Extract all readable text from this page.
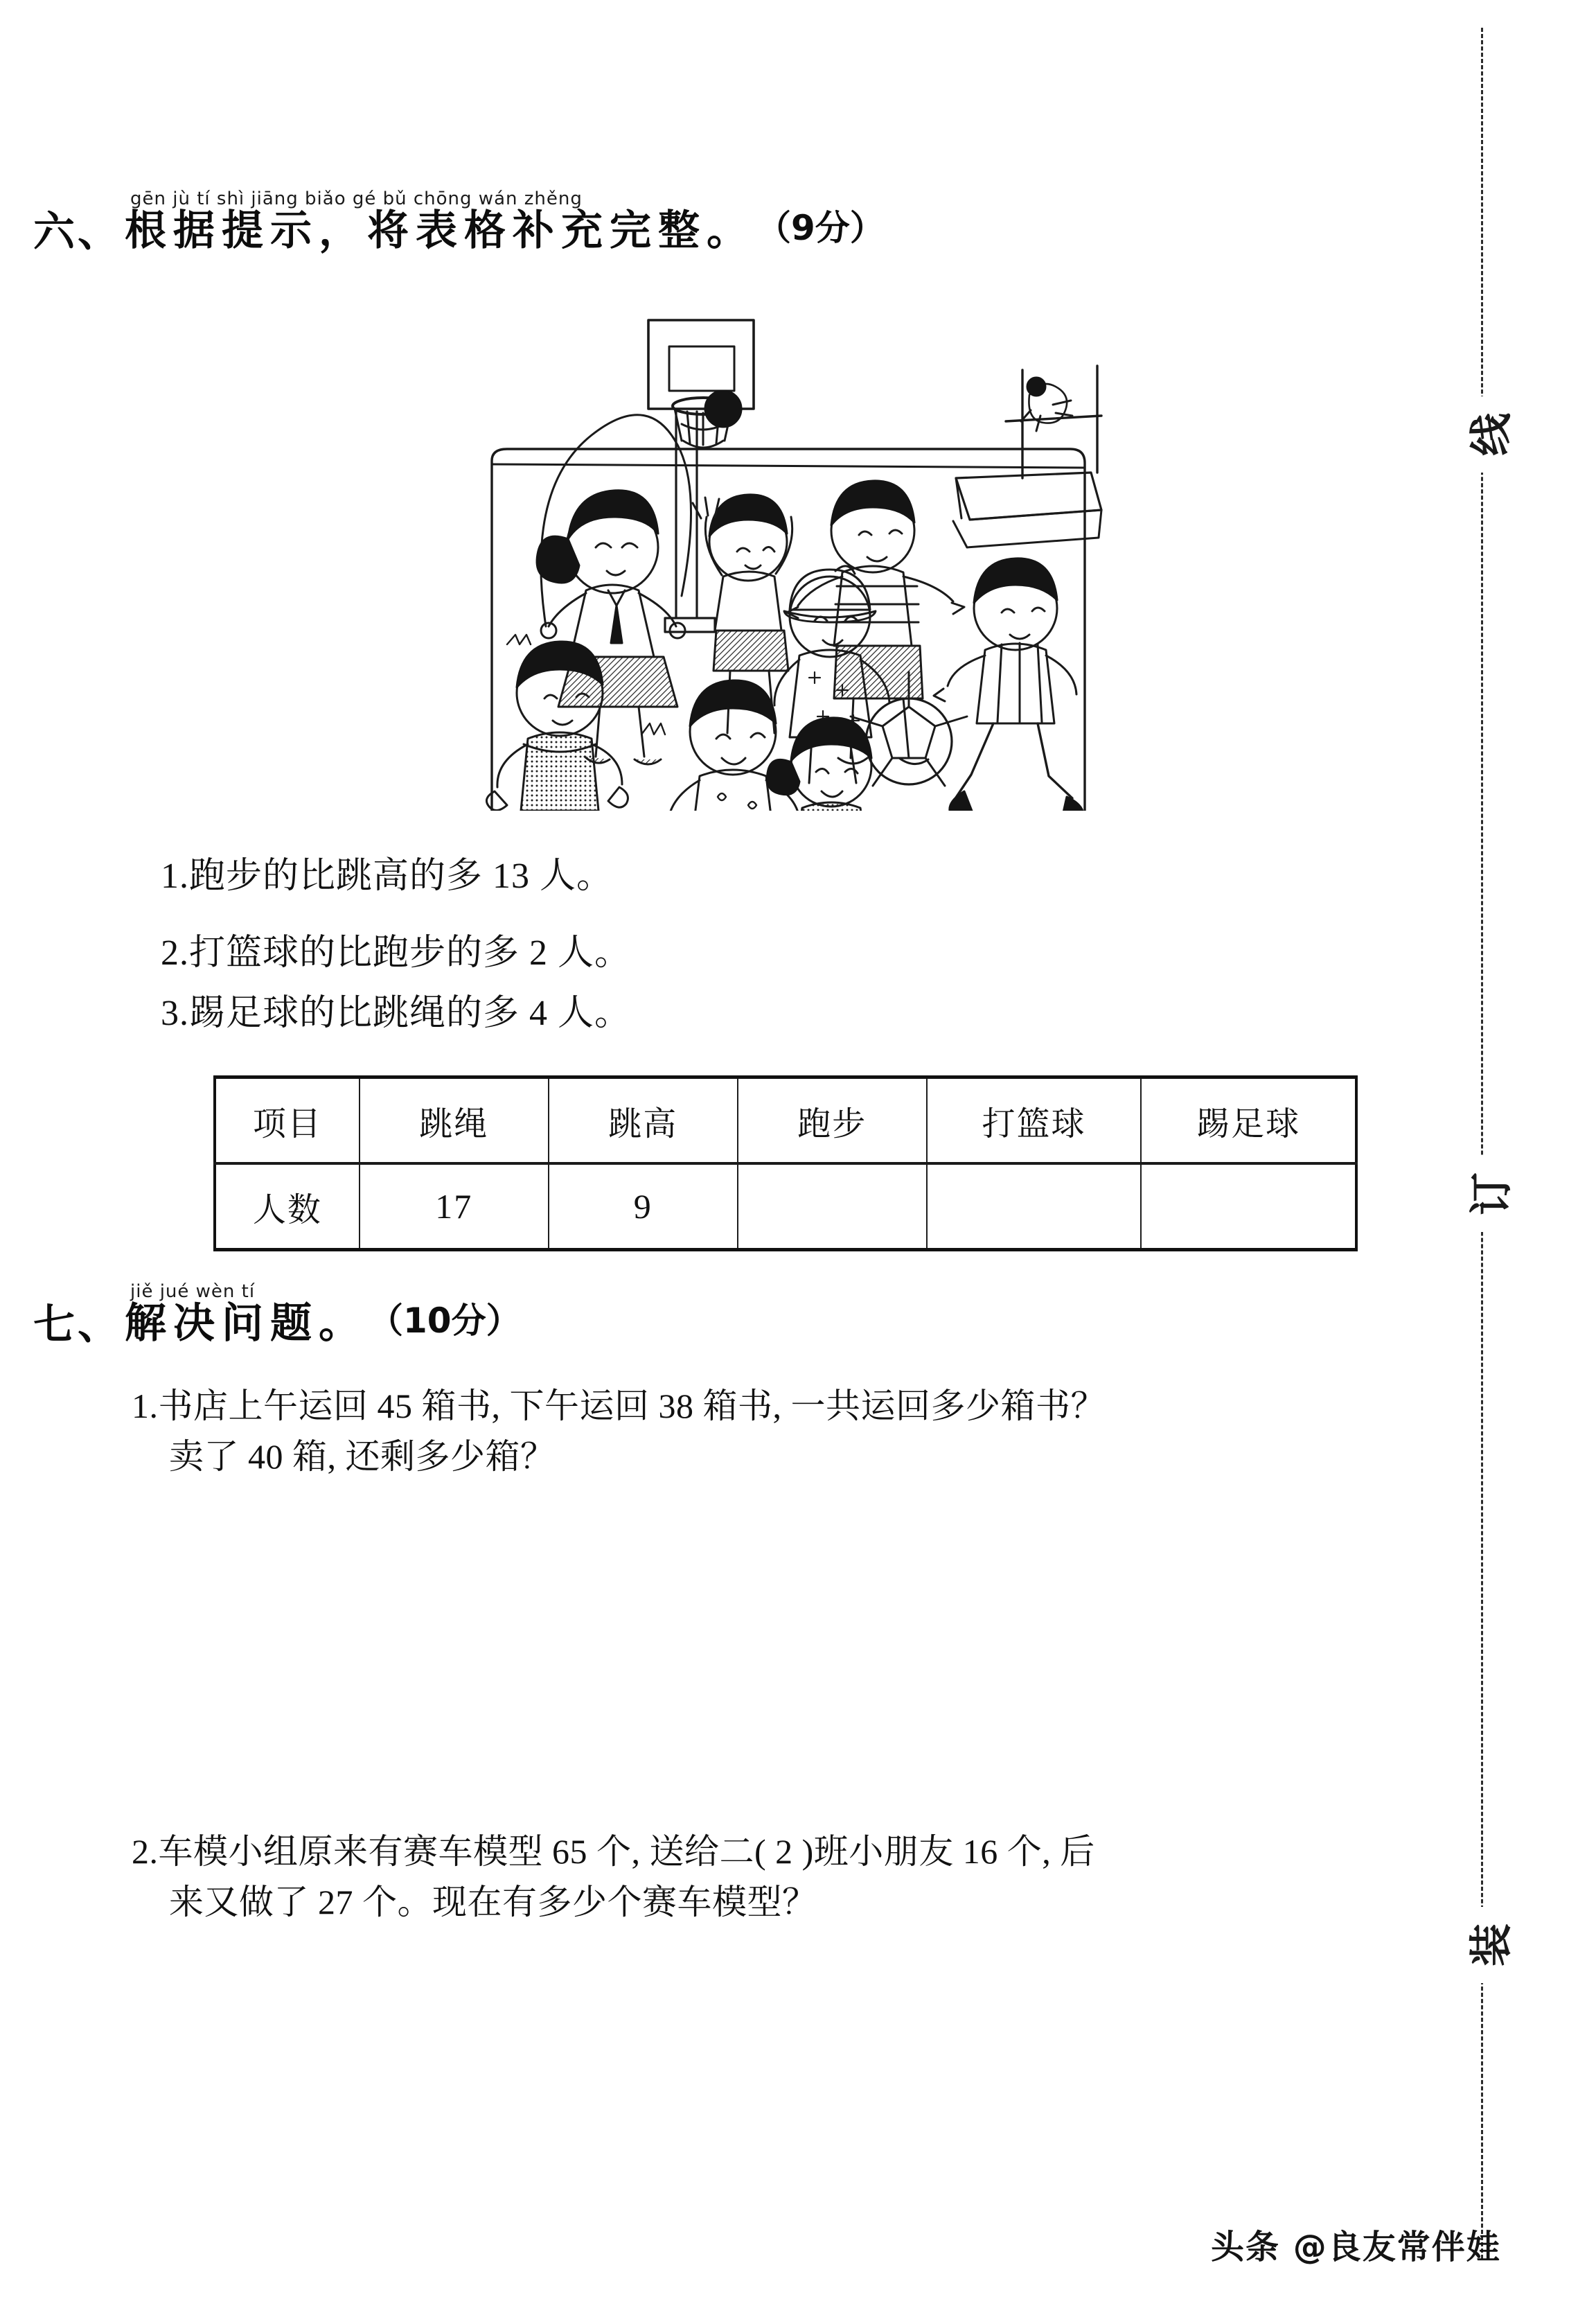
线
订
装
六 、
gēn jù tí shì jiāng biǎo gé bǔ chōng wán zhěng
根据提示，将表格补充完整。 （9分）
1.跑步的比跳高的多 13 人。
2.打篮球的比跑步的多 2 人。
3.踢足球的比跳绳的多 4 人。
项目	跳绳	跳高	跑步	打篮球	踢足球
人数	17	9			
七 、
jiě jué wèn tí
解决问题。 （10分）
1.书店上午运回 45 箱书, 下午运回 38 箱书, 一共运回多少箱书？
卖了 40 箱, 还剩多少箱？
2.车模小组原来有赛车模型 65 个, 送给二( 2 )班小朋友 16 个, 后
来又做了 27 个。现在有多少个赛车模型？
头条 @良友常伴娃
